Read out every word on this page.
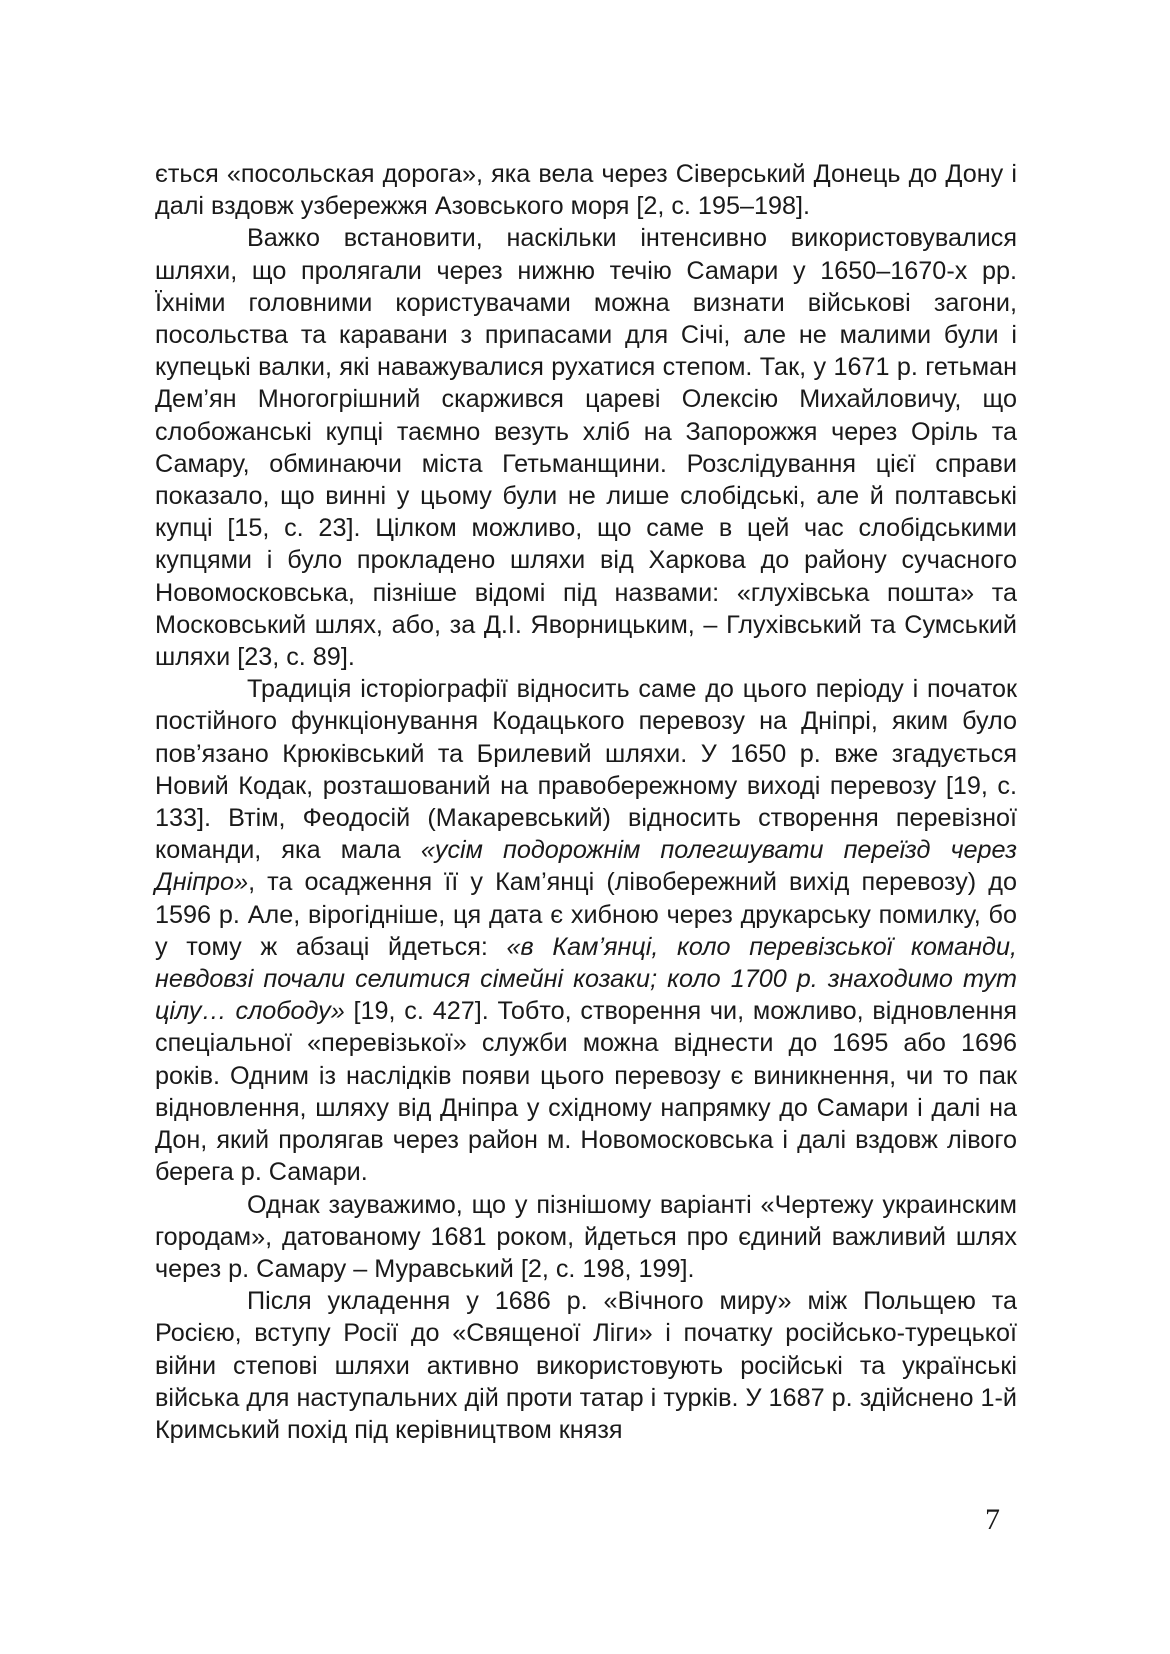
ється «посольская дорога», яка вела через Сіверський Донець до Дону і далі вздовж узбережжя Азовського моря [2, с. 195–198].

Важко встановити, наскільки інтенсивно використовувалися шляхи, що пролягали через нижню течію Самари у 1650–1670-х рр. Їхніми головними користувачами можна визнати військові загони, посольства та каравани з припасами для Січі, але не малими були і купецькі валки, які наважувалися рухатися степом. Так, у 1671 р. гетьман Дем’ян Многогрішний скаржився цареві Олексію Михайловичу, що слобожанські купці таємно везуть хліб на Запорожжя через Оріль та Самару, обминаючи міста Гетьманщини. Розслідування цієї справи показало, що винні у цьому були не лише слобідські, але й полтавські купці [15, с. 23]. Цілком можливо, що саме в цей час слобідськими купцями і було прокладено шляхи від Харкова до району сучасного Новомосковська, пізніше відомі під назвами: «глухівська пошта» та Московський шлях, або, за Д.І. Яворницьким, – Глухівський та Сумський шляхи [23, с. 89].

Традиція історіографії відносить саме до цього періоду і початок постійного функціонування Кодацького перевозу на Дніпрі, яким було пов’язано Крюківський та Брилевий шляхи. У 1650 р. вже згадується Новий Кодак, розташований на правобережному виході перевозу [19, с. 133]. Втім, Феодосій (Макаревський) відносить створення перевізної команди, яка мала «усім подорожнім полегшувати переїзд через Дніпро», та осадження її у Кам’янці (лівобережний вихід перевозу) до 1596 р. Але, вірогідніше, ця дата є хибною через друкарську помилку, бо у тому ж абзаці йдеться: «в Кам’янці, коло перевізської команди, невдовзі почали селитися сімейні козаки; коло 1700 р. знаходимо тут цілу… слободу» [19, с. 427]. Тобто, створення чи, можливо, відновлення спеціальної «перевізької» служби можна віднести до 1695 або 1696 років. Одним із наслідків появи цього перевозу є виникнення, чи то пак відновлення, шляху від Дніпра у східному напрямку до Самари і далі на Дон, який пролягав через район м. Новомосковська і далі вздовж лівого берега р. Самари.

Однак зауважимо, що у пізнішому варіанті «Чертежу украинским городам», датованому 1681 роком, йдеться про єдиний важливий шлях через р. Самару – Муравський [2, с. 198, 199].

Після укладення у 1686 р. «Вічного миру» між Польщею та Росією, вступу Росії до «Священої Ліги» і початку російсько-турецької війни степові шляхи активно використовують російські та українські війська для наступальних дій проти татар і турків. У 1687 р. здійснено 1-й Кримський похід під керівництвом князя

7
